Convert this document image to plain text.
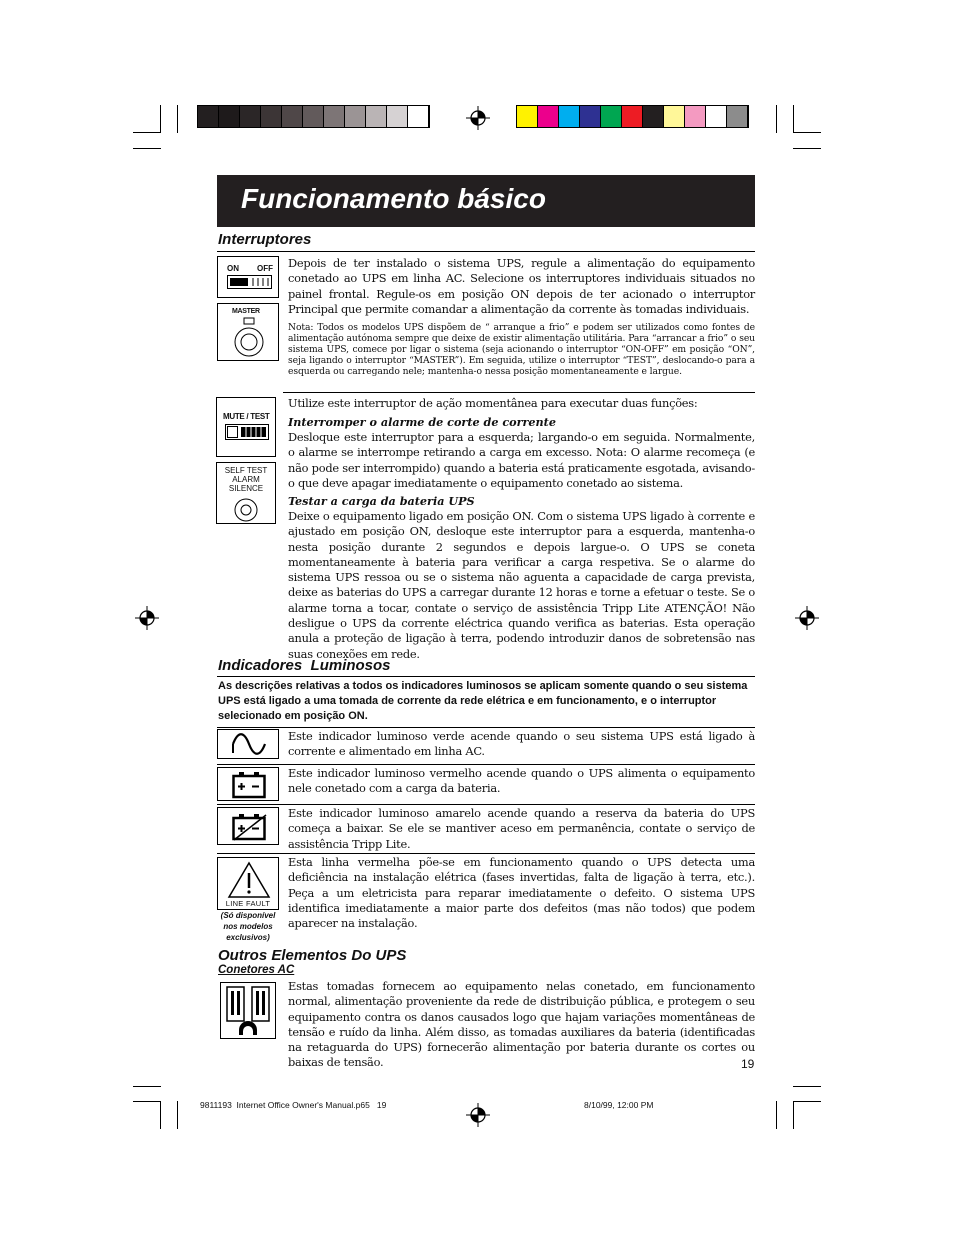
Funcionamento básico
Interruptores
ON OFF
MASTER
Depois de ter instalado o sistema UPS, regule a alimentação do equipamento conetado ao UPS em linha AC. Selecione os interruptores individuais situados no painel frontal. Regule-os em posição ON depois de ter acionado o interruptor Principal que permite comandar a alimentação da corrente às tomadas individuais.
Nota: Todos os modelos UPS dispõem de “ arranque a frio” e podem ser utilizados como fontes de alimentação autónoma sempre que deixe de existir alimentação utilitária. Para “arrancar a frio” o seu sistema UPS, comece por ligar o sistema (seja acionando o interruptor “ON-OFF” em posição “ON”, seja ligando o interruptor “MASTER”). Em seguida, utilize o interruptor “TEST”, deslocando-o para a esquerda ou carregando nele; mantenha-o nessa posição momentaneamente e largue.
MUTE / TEST
SELF TEST
ALARM
SILENCE
Utilize este interruptor de ação momentânea para executar duas funções:
Interromper o alarme de corte de corrente
Desloque este interruptor para a esquerda; largando-o em seguida. Normalmente, o alarme se interrompe retirando a carga em excesso. Nota: O alarme recomeça (e não pode ser interrompido) quando a bateria está praticamente esgotada, avisando-o que deve apagar imediatamente o equipamento conetado ao sistema.
Testar a carga da bateria UPS
Deixe o equipamento ligado em posição ON. Com o sistema UPS ligado à corrente e ajustado em posição ON, desloque este interruptor para a esquerda, mantenha-o nesta posição durante 2 segundos e depois largue-o. O UPS se coneta momentaneamente à bateria para verificar a carga respetiva. Se o alarme do sistema UPS ressoa ou se o sistema não aguenta a capacidade de carga prevista, deixe as baterias do UPS a carregar durante 12 horas e torne a efetuar o teste. Se o alarme torna a tocar, contate o serviço de assistência Tripp Lite ATENÇÃO! Não desligue o UPS da corrente eléctrica quando verifica as baterias. Esta operação anula a proteção de ligação à terra, podendo introduzir danos de sobretensão nas suas conexões em rede.
Indicadores  Luminosos
As descrições relativas a todos os indicadores luminosos se aplicam somente quando o seu sistema UPS está ligado a uma tomada de corrente da rede elétrica e em funcionamento, e o interruptor selecionado em posição ON.
Este indicador luminoso verde acende quando o seu sistema UPS está ligado à corrente e alimentado em linha AC.
Este indicador luminoso vermelho acende quando o UPS alimenta o equipamento nele conetado com a carga da bateria.
Este indicador luminoso amarelo acende quando a reserva da bateria do UPS começa a baixar. Se ele se mantiver aceso em permanência, contate o serviço de assistência Tripp Lite.
LINE FAULT
(Só disponível
nos modelos
exclusivos)
Esta linha vermelha põe-se em funcionamento quando o UPS detecta uma deficiência na instalação elétrica (fases invertidas, falta de ligação à terra, etc.). Peça a um eletricista para reparar imediatamente o defeito. O sistema UPS identifica imediatamente a maior parte dos defeitos (mas não todos) que podem aparecer na instalação.
Outros Elementos Do UPS
Conetores AC
Estas tomadas fornecem ao equipamento nelas conetado, em funcionamento normal, alimentação proveniente da rede de distribuição pública, e protegem o seu equipamento contra os danos causados logo que hajam variações momentâneas de tensão e ruído da linha. Além disso, as tomadas auxiliares da bateria (identificadas na retaguarda do UPS) fornecerão alimentação por bateria durante os cortes ou baixas de tensão.	19
9811193  Internet Office Owner's Manual.p65   19	8/10/99, 12:00 PM
